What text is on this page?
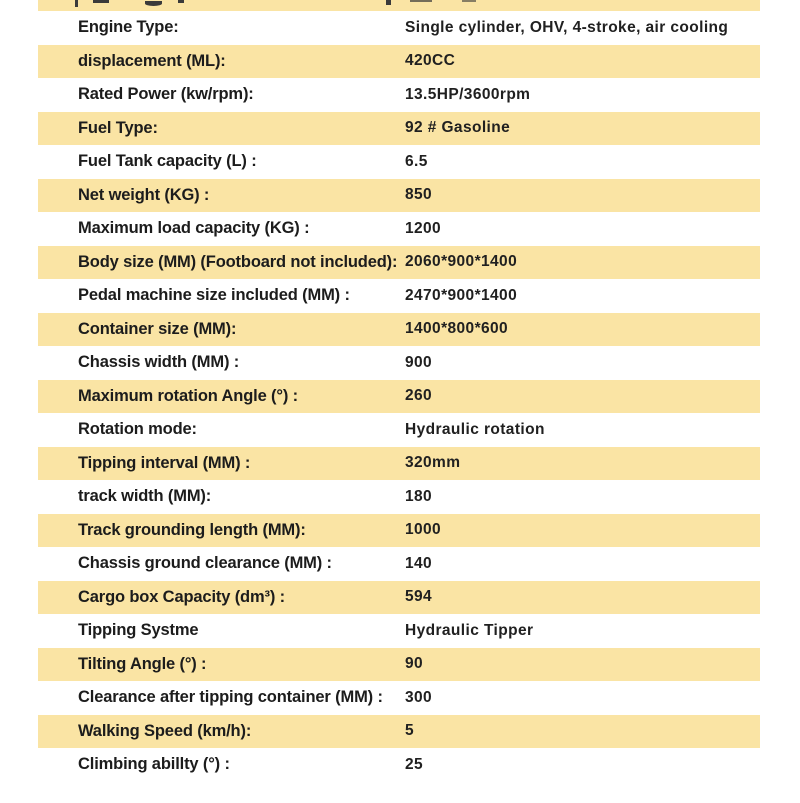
Engine Type:	Single cylinder, OHV, 4-stroke, air cooling
displacement (ML):	420CC
Rated Power (kw/rpm):	13.5HP/3600rpm
Fuel Type:	92 # Gasoline
Fuel Tank capacity (L) :	6.5
Net weight (KG) :	850
Maximum load capacity (KG) :	1200
Body size (MM) (Footboard not included): 2060*900*1400
Pedal machine size included (MM) :	2470*900*1400
Container size (MM):	1400*800*600
Chassis width (MM) :	900
Maximum rotation Angle (°) :	260
Rotation mode:	Hydraulic rotation
Tipping interval (MM) :	320mm
track width (MM):	180
Track grounding length (MM):	1000
Chassis ground clearance (MM) :	140
Cargo box Capacity (dm³) :	594
Tipping Systme	Hydraulic Tipper
Tilting Angle (°) :	90
Clearance after tipping container (MM) : 300
Walking Speed (km/h):	5
Climbing abillty (°) :	25
